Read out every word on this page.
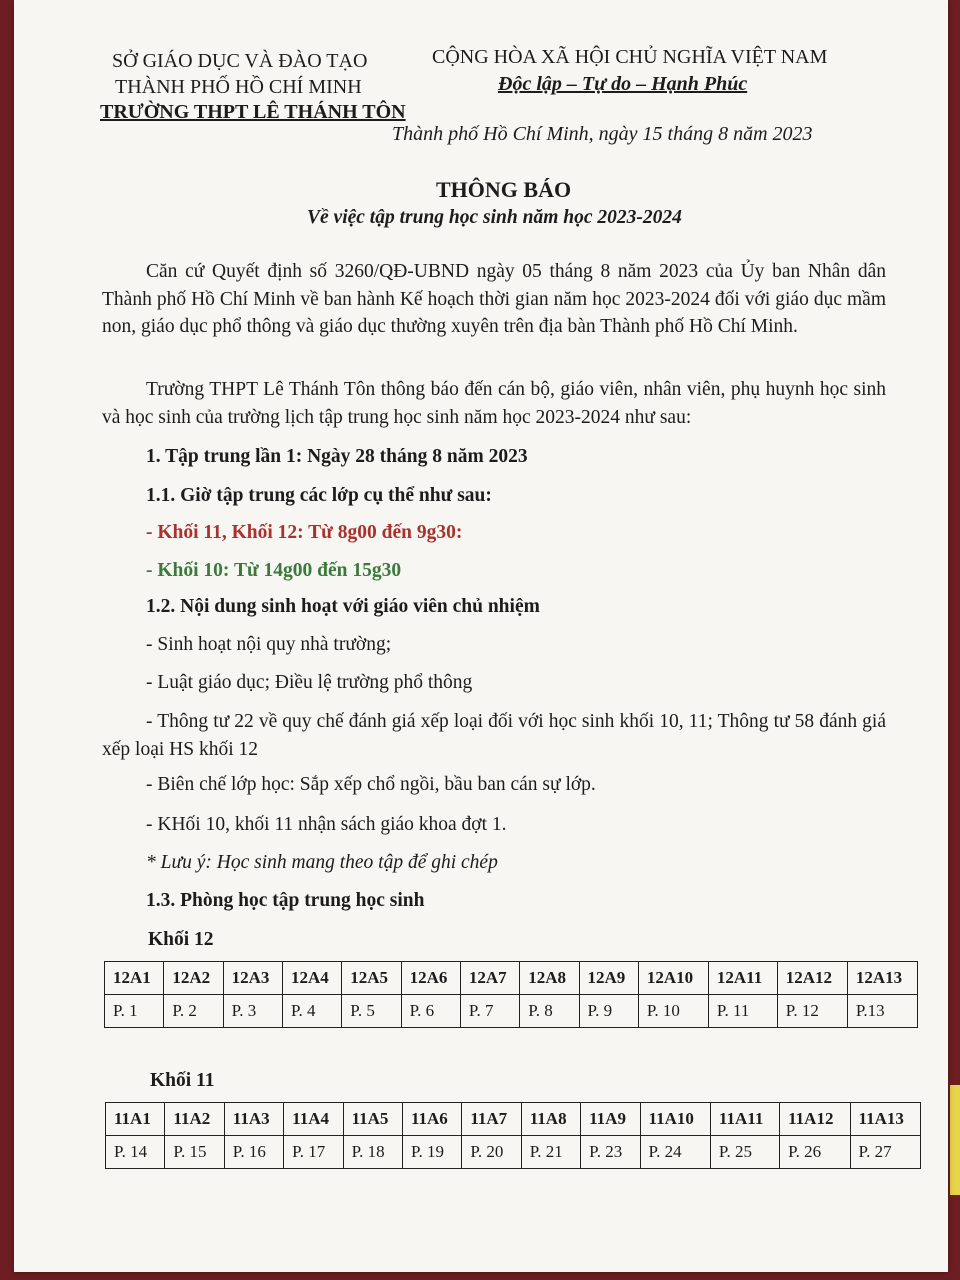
SỞ GIÁO DỤC VÀ ĐÀO TẠO
THÀNH PHỐ HỒ CHÍ MINH
TRƯỜNG THPT LÊ THÁNH TÔN
CỘNG HÒA XÃ HỘI CHỦ NGHĨA VIỆT NAM
Độc lập – Tự do – Hạnh Phúc
Thành phố Hồ Chí Minh, ngày 15 tháng 8 năm 2023
THÔNG BÁO
Về việc tập trung học sinh năm học 2023-2024
Căn cứ Quyết định số 3260/QĐ-UBND ngày 05 tháng 8 năm 2023 của Ủy ban Nhân dân Thành phố Hồ Chí Minh về ban hành Kế hoạch thời gian năm học 2023-2024 đối với giáo dục mầm non, giáo dục phổ thông và giáo dục thường xuyên trên địa bàn Thành phố Hồ Chí Minh.
Trường THPT Lê Thánh Tôn thông báo đến cán bộ, giáo viên, nhân viên, phụ huynh học sinh và học sinh của trường lịch tập trung học sinh năm học 2023-2024 như sau:
1. Tập trung lần 1: Ngày 28 tháng 8 năm 2023
1.1. Giờ tập trung các lớp cụ thể như sau:
- Khối 11, Khối 12: Từ 8g00 đến 9g30:
- Khối 10: Từ 14g00 đến 15g30
1.2. Nội dung sinh hoạt với giáo viên chủ nhiệm
- Sinh hoạt nội quy nhà trường;
- Luật giáo dục; Điều lệ trường phổ thông
- Thông tư 22 về quy chế đánh giá xếp loại đối với học sinh khối 10, 11; Thông tư 58 đánh giá xếp loại HS khối 12
- Biên chế lớp học: Sắp xếp chổ ngồi, bầu ban cán sự lớp.
- KHối 10, khối 11 nhận sách giáo khoa đợt 1.
* Lưu ý: Học sinh mang theo tập để ghi chép
1.3. Phòng học tập trung học sinh
Khối 12
12A1	12A2	12A3	12A4	12A5	12A6	12A7	12A8	12A9	12A10	12A11	12A12	12A13
P. 1	P. 2	P. 3	P. 4	P. 5	P. 6	P. 7	P. 8	P. 9	P. 10	P. 11	P. 12	P.13
Khối 11
11A1	11A2	11A3	11A4	11A5	11A6	11A7	11A8	11A9	11A10	11A11	11A12	11A13
P. 14	P. 15	P. 16	P. 17	P. 18	P. 19	P. 20	P. 21	P. 23	P. 24	P. 25	P. 26	P. 27
